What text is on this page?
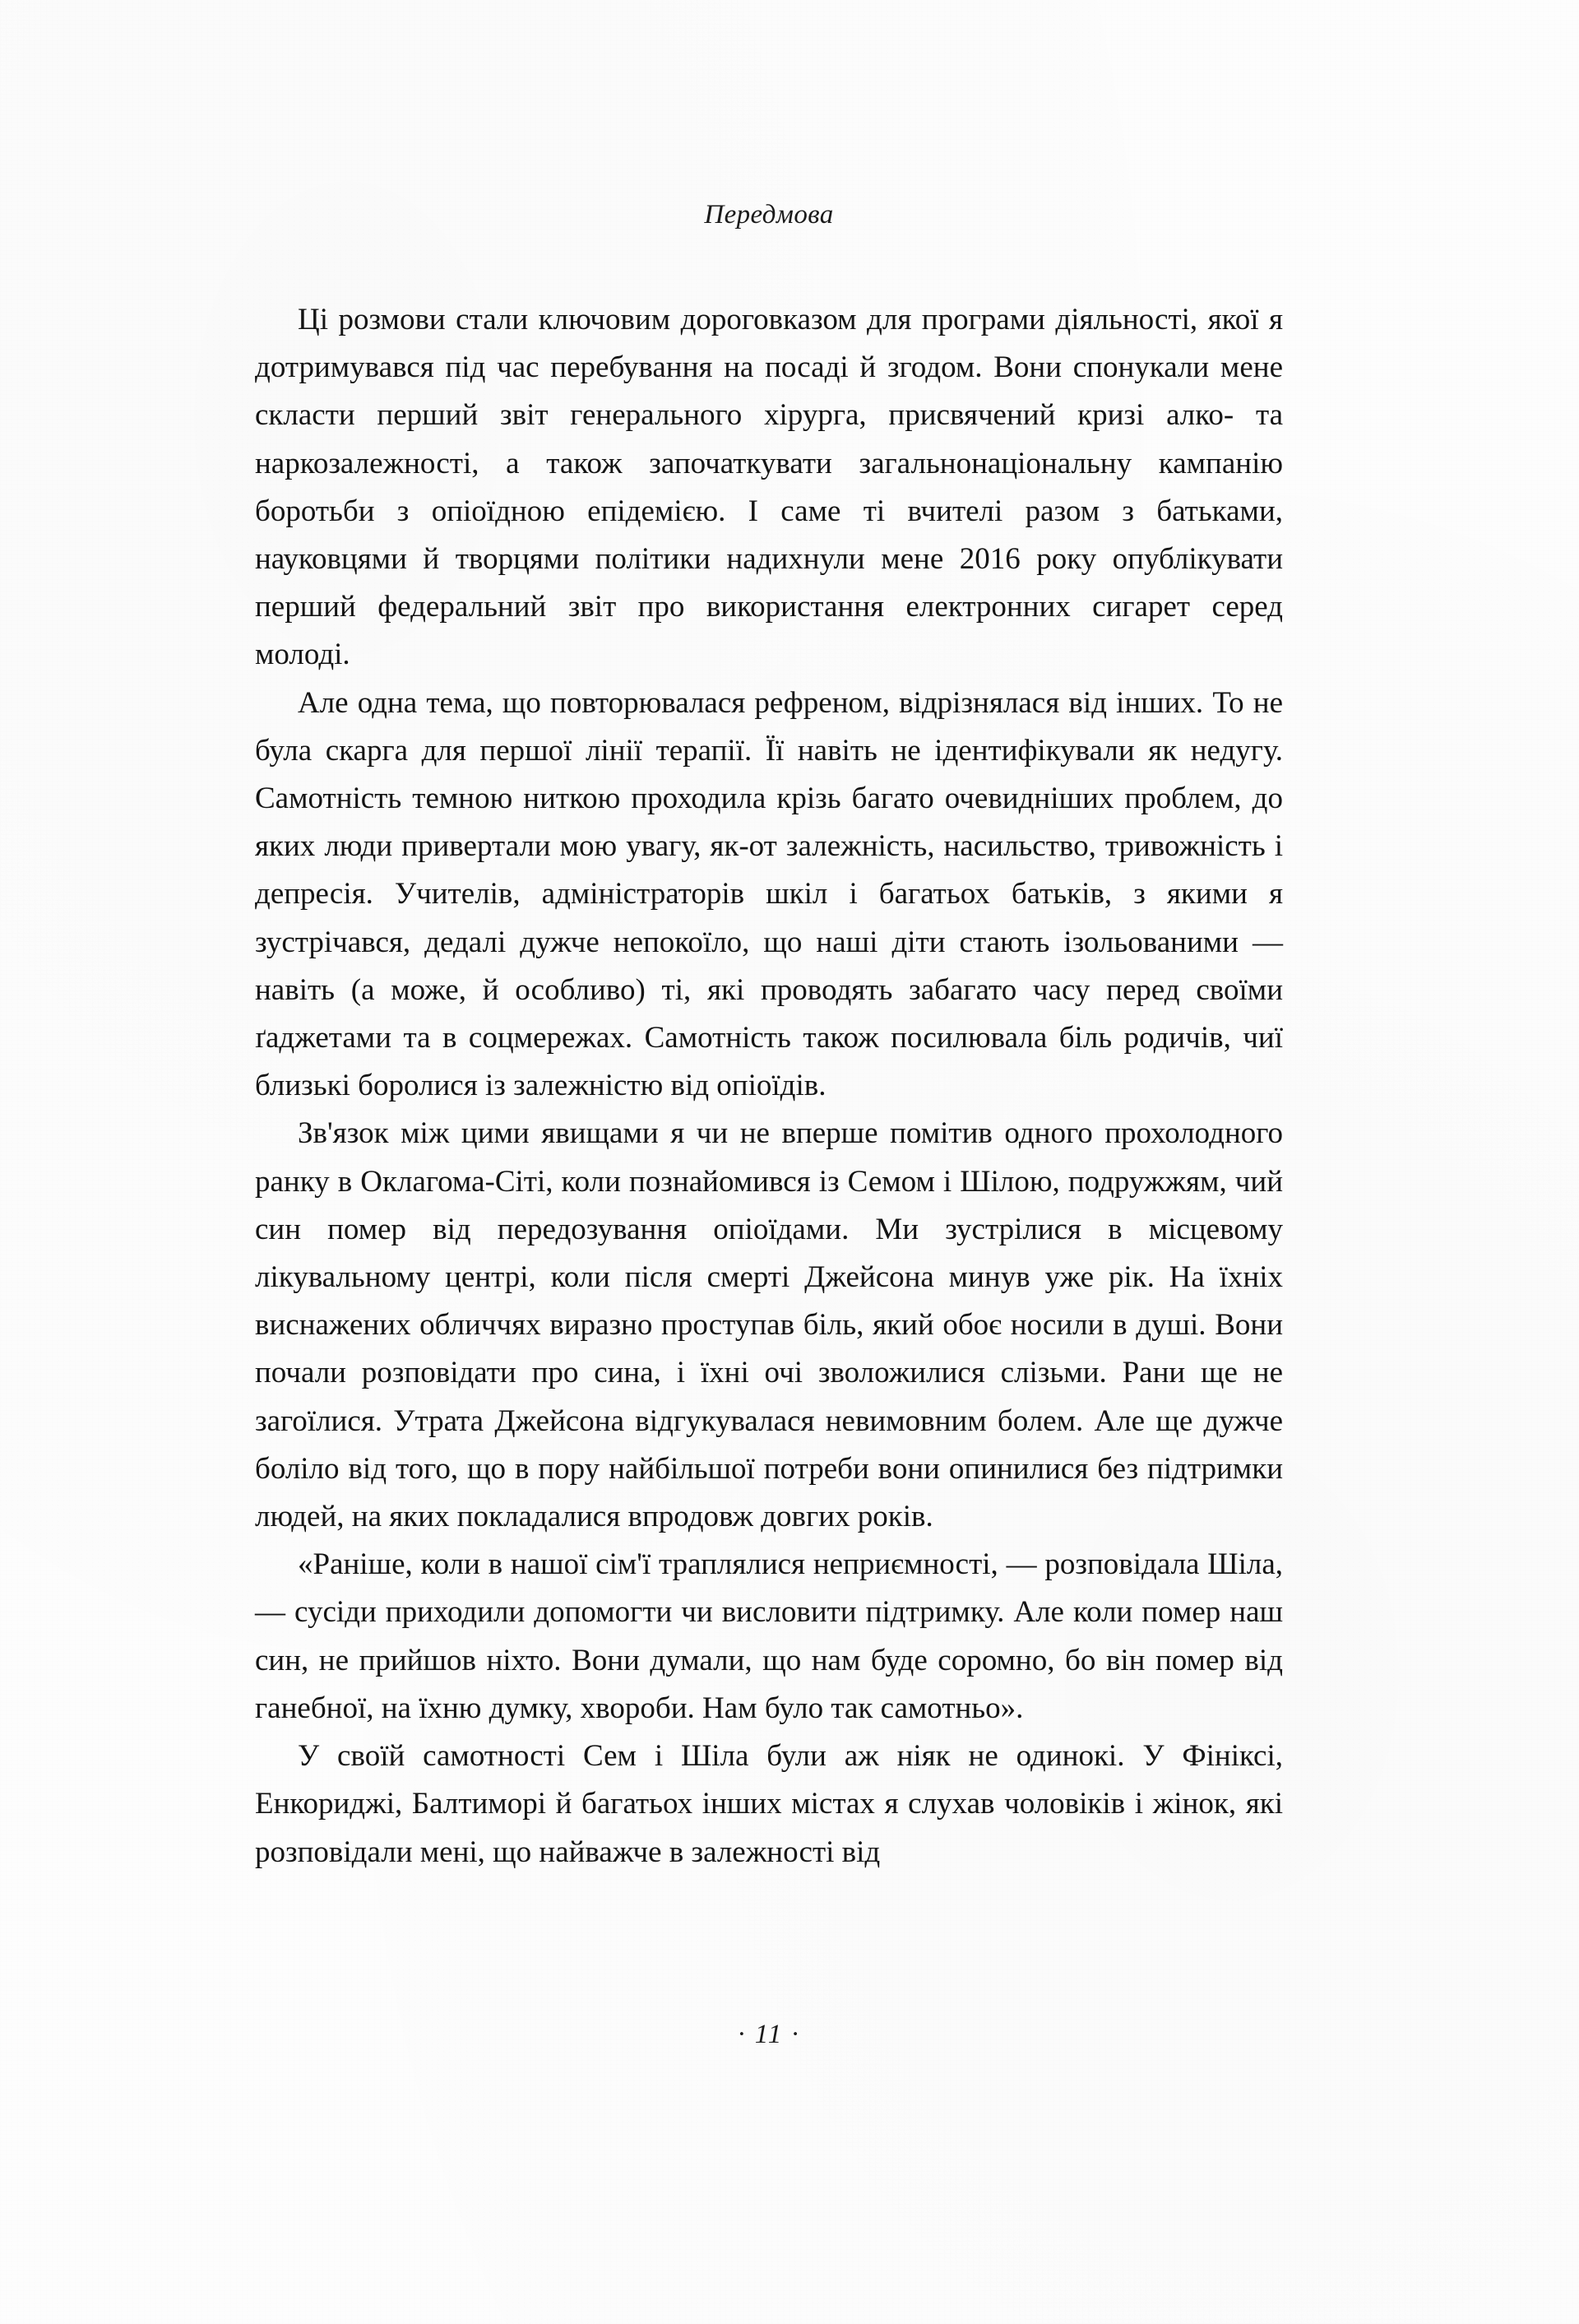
Передмова

Ці розмови стали ключовим дороговказом для програми діяльності, якої я дотримувався під час перебування на посаді й згодом. Вони спонукали мене скласти перший звіт генерального хірурга, присвячений кризі алко- та наркозалежності, а також започаткувати загальнонаціональну кампанію боротьби з опіоїдною епідемією. І саме ті вчителі разом з батьками, науковцями й творцями політики надихнули мене 2016 року опублікувати перший федеральний звіт про використання електронних сигарет серед молоді.

Але одна тема, що повторювалася рефреном, відрізнялася від інших. То не була скарга для першої лінії терапії. Її навіть не ідентифікували як недугу. Самотність темною ниткою проходила крізь багато очевидніших проблем, до яких люди привертали мою увагу, як-от залежність, насильство, тривожність і депресія. Учителів, адміністраторів шкіл і багатьох батьків, з якими я зустрічався, дедалі дужче непокоїло, що наші діти стають ізольованими — навіть (а може, й особливо) ті, які проводять забагато часу перед своїми ґаджетами та в соцмережах. Самотність також посилювала біль родичів, чиї близькі боролися із залежністю від опіоїдів.

Зв'язок між цими явищами я чи не вперше помітив одного прохолодного ранку в Оклагома-Сіті, коли познайомився із Семом і Шілою, подружжям, чий син помер від передозування опіоїдами. Ми зустрілися в місцевому лікувальному центрі, коли після смерті Джейсона минув уже рік. На їхніх виснажених обличчях виразно проступав біль, який обоє носили в душі. Вони почали розповідати про сина, і їхні очі зволожилися слізьми. Рани ще не загоїлися. Утрата Джейсона відгукувалася невимовним болем. Але ще дужче боліло від того, що в пору найбільшої потреби вони опинилися без підтримки людей, на яких покладалися впродовж довгих років.

«Раніше, коли в нашої сім'ї траплялися неприємності, — розповідала Шіла, — сусіди приходили допомогти чи висловити підтримку. Але коли помер наш син, не прийшов ніхто. Вони думали, що нам буде соромно, бо він помер від ганебної, на їхню думку, хвороби. Нам було так самотньо».

У своїй самотності Сем і Шіла були аж ніяк не одинокі. У Фініксі, Енкориджі, Балтиморі й багатьох інших містах я слухав чоловіків і жінок, які розповідали мені, що найважче в залежності від

· 11 ·
